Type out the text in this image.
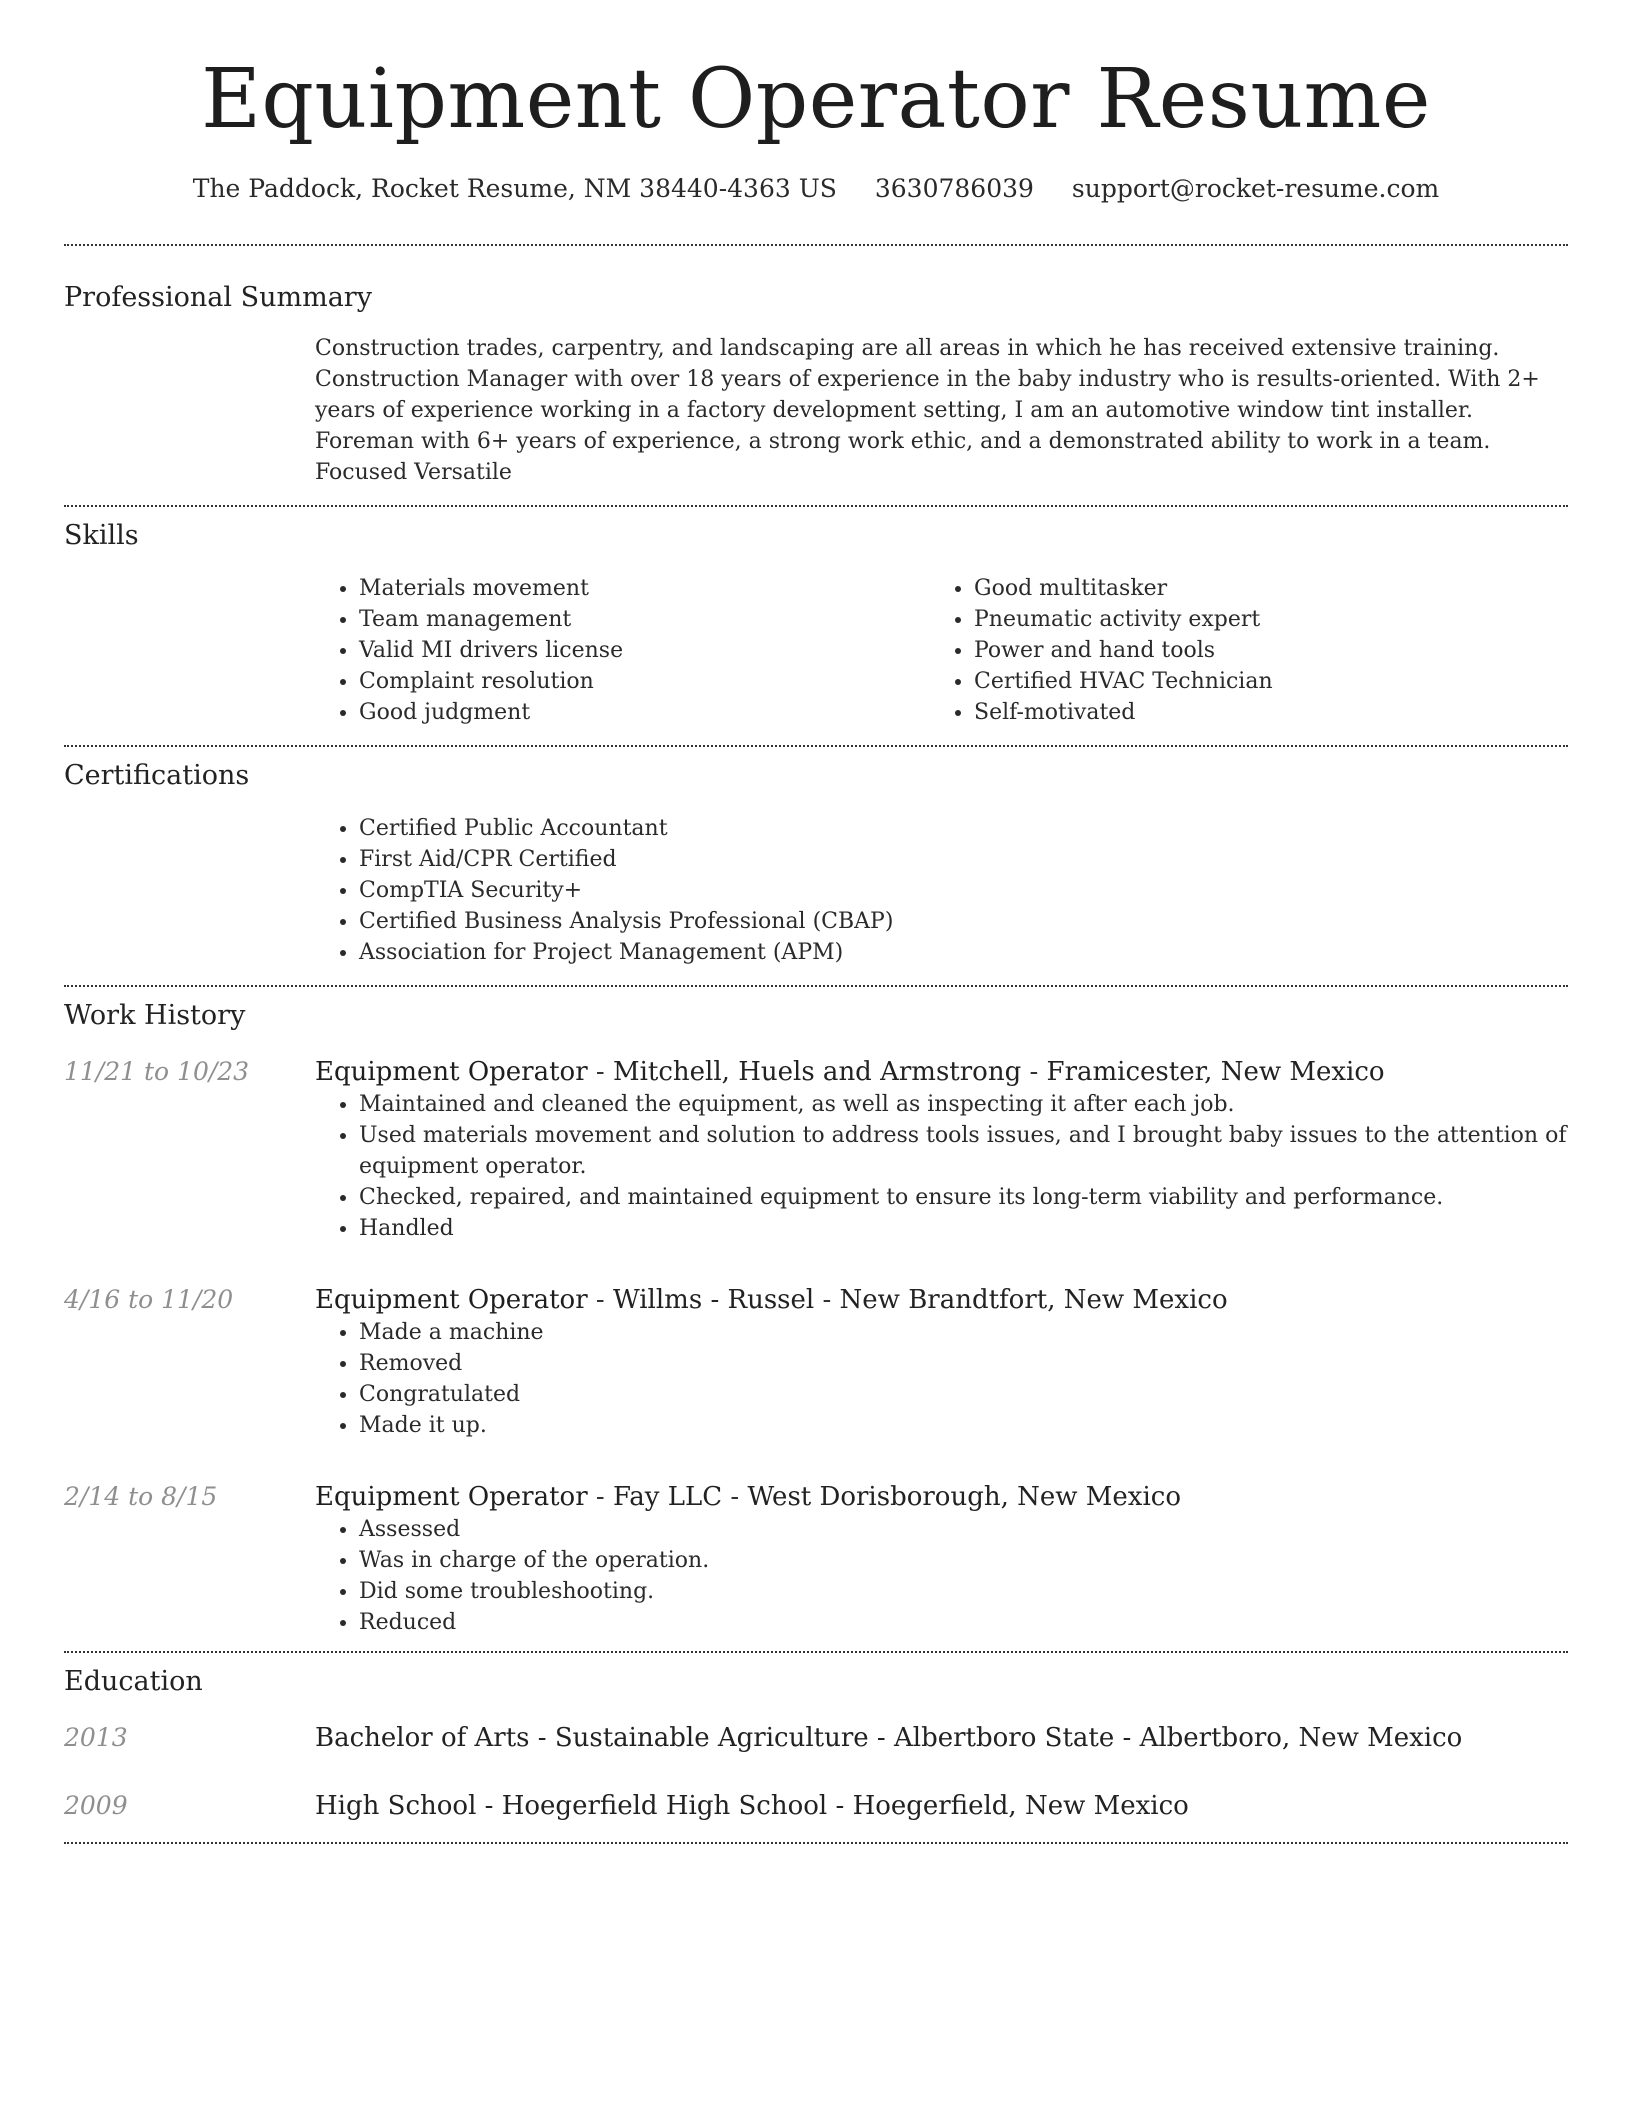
Equipment Operator Resume
The Paddock, Rocket Resume, NM 38440-4363 US 3630786039 support@rocket-resume.com
Professional Summary

Construction trades, carpentry, and landscaping are all areas in which he has received extensive training. Construction Manager with over 18 years of experience in the baby industry who is results-oriented. With 2+ years of experience working in a factory development setting, I am an automotive window tint installer. Foreman with 6+ years of experience, a strong work ethic, and a demonstrated ability to work in a team. Focused Versatile

Skills
• Materials movement
• Team management
• Valid MI drivers license
• Complaint resolution
• Good judgment
• Good multitasker
• Pneumatic activity expert
• Power and hand tools
• Certified HVAC Technician
• Self-motivated
Certifications
• Certified Public Accountant
• First Aid/CPR Certified
• CompTIA Security+
• Certified Business Analysis Professional (CBAP)
• Association for Project Management (APM)
Work History
11/21 to 10/23	Equipment Operator - Mitchell, Huels and Armstrong - Framicester, New Mexico
• Maintained and cleaned the equipment, as well as inspecting it after each job.
• Used materials movement and solution to address tools issues, and I brought baby issues to the attention of equipment operator.
• Checked, repaired, and maintained equipment to ensure its long-term viability and performance.
• Handled
4/16 to 11/20	Equipment Operator - Willms - Russel - New Brandtfort, New Mexico
• Made a machine
• Removed
• Congratulated
• Made it up.
2/14 to 8/15	Equipment Operator - Fay LLC - West Dorisborough, New Mexico
• Assessed
• Was in charge of the operation.
• Did some troubleshooting.
• Reduced
Education
2013	Bachelor of Arts - Sustainable Agriculture - Albertboro State - Albertboro, New Mexico
2009	High School - Hoegerfield High School - Hoegerfield, New Mexico
